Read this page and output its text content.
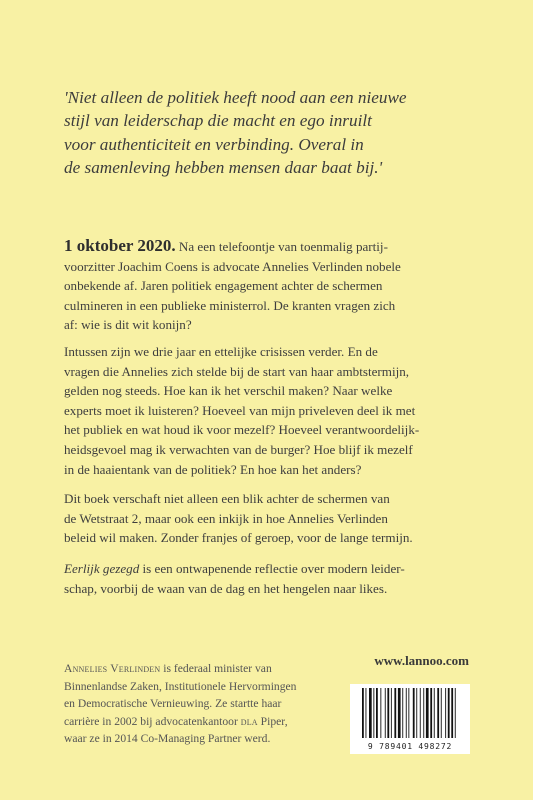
'Niet alleen de politiek heeft nood aan een nieuwe
stijl van leiderschap die macht en ego inruilt
voor authenticiteit en verbinding. Overal in
de samenleving hebben mensen daar baat bij.'

1 oktober 2020. Na een telefoontje van toenmalig partij-
voorzitter Joachim Coens is advocate Annelies Verlinden nobele
onbekende af. Jaren politiek engagement achter de schermen
culmineren in een publieke ministerrol. De kranten vragen zich
af: wie is dit wit konijn?

Intussen zijn we drie jaar en ettelijke crisissen verder. En de
vragen die Annelies zich stelde bij de start van haar ambtstermijn,
gelden nog steeds. Hoe kan ik het verschil maken? Naar welke
experts moet ik luisteren? Hoeveel van mijn priveleven deel ik met
het publiek en wat houd ik voor mezelf? Hoeveel verantwoordelijk-
heidsgevoel mag ik verwachten van de burger? Hoe blijf ik mezelf
in de haaientank van de politiek? En hoe kan het anders?

Dit boek verschaft niet alleen een blik achter de schermen van
de Wetstraat 2, maar ook een inkijk in hoe Annelies Verlinden
beleid wil maken. Zonder franjes of geroep, voor de lange termijn.

Eerlijk gezegd is een ontwapenende reflectie over modern leider-
schap, voorbij de waan van de dag en het hengelen naar likes.

Annelies Verlinden is federaal minister van
Binnenlandse Zaken, Institutionele Hervormingen
en Democratische Vernieuwing. Ze startte haar
carrière in 2002 bij advocatenkantoor dla Piper,
waar ze in 2014 Co-Managing Partner werd.

www.lannoo.com
9 789401 498272
